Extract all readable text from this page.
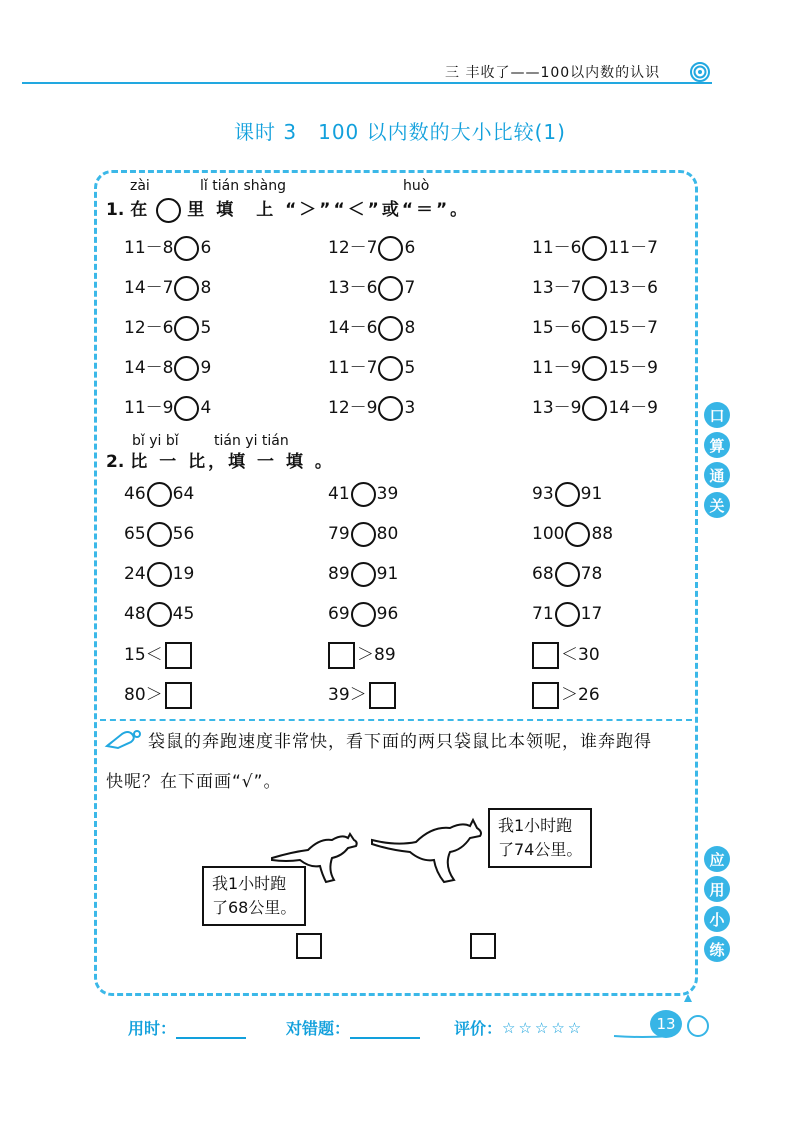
三 丰收了——100以内数的认识
课时 3　100 以内数的大小比较(1)
zài	lǐ tián shàng	huò
1. 在 里 填　上 “＞”“＜”或“＝”。
11－8 6	12－7 6	11－6 11－7
14－7 8	13－6 7	13－7 13－6
12－6 5	14－6 8	15－6 15－7
14－8 9	11－7 5	11－9 15－9
11－9 4	12－9 3	13－9 14－9
bǐ yi bǐ	tián yi tián
2. 比 一 比，填 一 填 。
46 64	41 39	93 91
65 56	79 80	100 88
24 19	89 91	68 78
48 45	69 96	71 17
15＜	＞89	＜30
80＞	39＞	＞26
口
算
通
关
应
用
小
练
袋鼠的奔跑速度非常快，看下面的两只袋鼠比本领呢，谁奔跑得
快呢？在下面画“√”。
我1小时跑
了68公里。
我1小时跑
了74公里。
用时：	对错题：	评价： ☆☆☆☆☆	13
